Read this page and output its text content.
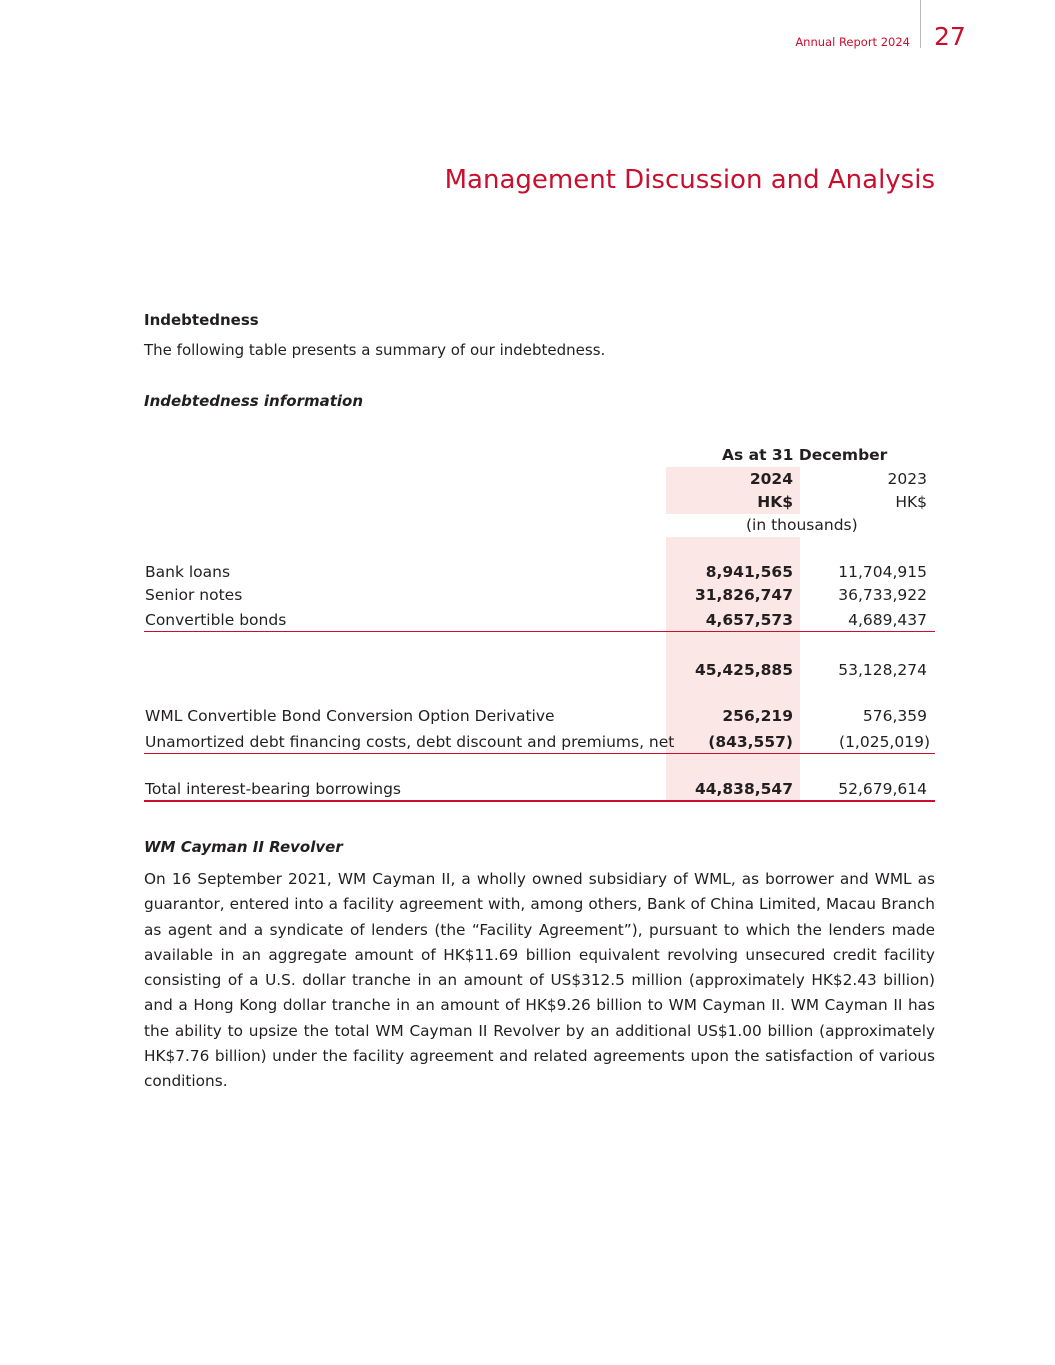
Annual Report 2024 27
Management Discussion and Analysis
Indebtedness
The following table presents a summary of our indebtedness.
Indebtedness information
As at 31 December
2024	2023
HK$	HK$
(in thousands)
Bank loans	8,941,565	11,704,915
Senior notes	31,826,747	36,733,922
Convertible bonds	4,657,573	4,689,437
45,425,885	53,128,274
WML Convertible Bond Conversion Option Derivative	256,219	576,359
Unamortized debt financing costs, debt discount and premiums, net (843,557)	(1,025,019)
Total interest-bearing borrowings	44,838,547	52,679,614
WM Cayman II Revolver

On 16 September 2021, WM Cayman II, a wholly owned subsidiary of WML, as borrower and WML as guarantor, entered into a facility agreement with, among others, Bank of China Limited, Macau Branch as agent and a syndicate of lenders (the “Facility Agreement”), pursuant to which the lenders made available in an aggregate amount of HK$11.69 billion equivalent revolving unsecured credit facility consisting of a U.S. dollar tranche in an amount of US$312.5 million (approximately HK$2.43 billion) and a Hong Kong dollar tranche in an amount of HK$9.26 billion to WM Cayman II. WM Cayman II has the ability to upsize the total WM Cayman II Revolver by an additional US$1.00 billion (approximately HK$7.76 billion) under the facility agreement and related agreements upon the satisfaction of various conditions.
